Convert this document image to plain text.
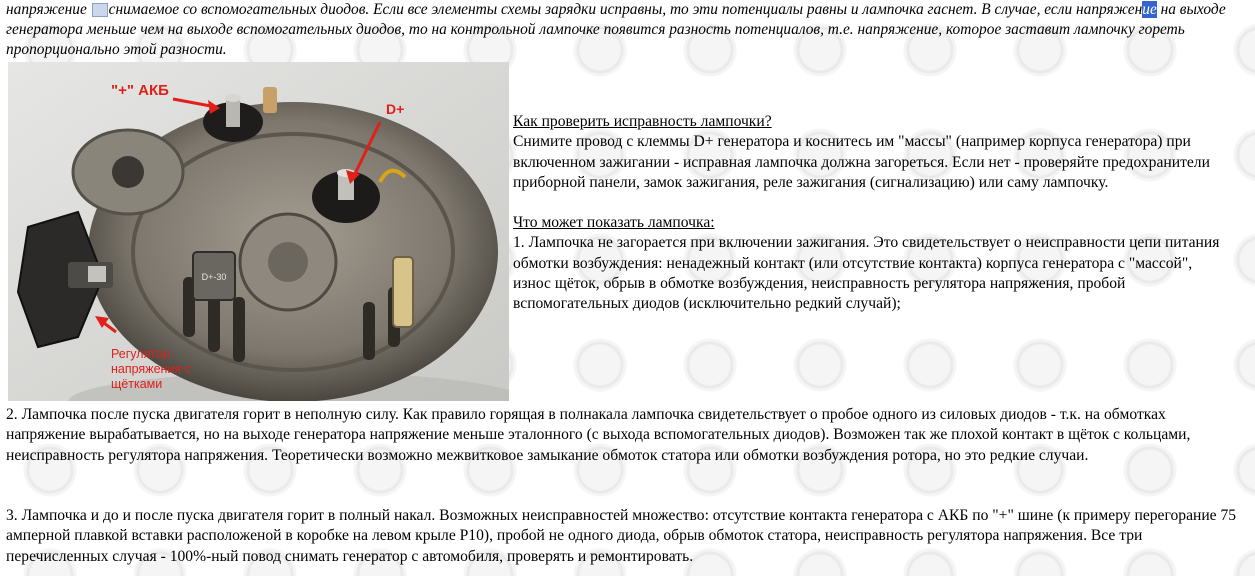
напряжение снимаемое со вспомогательных диодов. Если все элементы схемы зарядки исправны, то эти потенциалы равны и лампочка гаснет. В случае, если напряжение на выходе генератора меньше чем на выходе вспомогательных диодов, то на контрольной лампочке появится разность потенциалов, т.е. напряжение, которое заставит лампочку гореть пропорционально этой разности.

D+-30
"+" АКБ
D+
Регулятор
напряжения с
щётками

Как проверить исправность лампочки?

Снимите провод с клеммы D+ генератора и коснитесь им "массы" (например корпуса генератора) при включенном зажигании - исправная лампочка должна загореться. Если нет - проверяйте предохранители приборной панели, замок зажигания, реле зажигания (сигнализацию) или саму лампочку.

Что может показать лампочка:

1. Лампочка не загорается при включении зажигания. Это свидетельствует о неисправности цепи питания обмотки возбуждения: ненадежный контакт (или отсутствие контакта) корпуса генератора с "массой", износ щёток, обрыв в обмотке возбуждения, неисправность регулятора напряжения, пробой вспомогательных диодов (исключительно редкий случай);

2. Лампочка после пуска двигателя горит в неполную силу. Как правило горящая в полнакала лампочка свидетельствует о пробое одного из силовых диодов - т.к. на обмотках напряжение вырабатывается, но на выходе генератора напряжение меньше эталонного (с выхода вспомогательных диодов). Возможен так же плохой контакт в щёток с кольцами, неисправность регулятора напряжения. Теоретически возможно межвитковое замыкание обмоток статора или обмотки возбуждения ротора, но это редкие случаи.

3. Лампочка и до и после пуска двигателя горит в полный накал. Возможных неисправностей множество: отсутствие контакта генератора с АКБ по "+" шине (к примеру перегорание 75 амперной плавкой вставки расположеной в коробке на левом крыле Р10), пробой не одного диода, обрыв обмоток статора, неисправность регулятора напряжения. Все три перечисленных случая - 100%-ный повод снимать генератор с автомобиля, проверять и ремонтировать.
